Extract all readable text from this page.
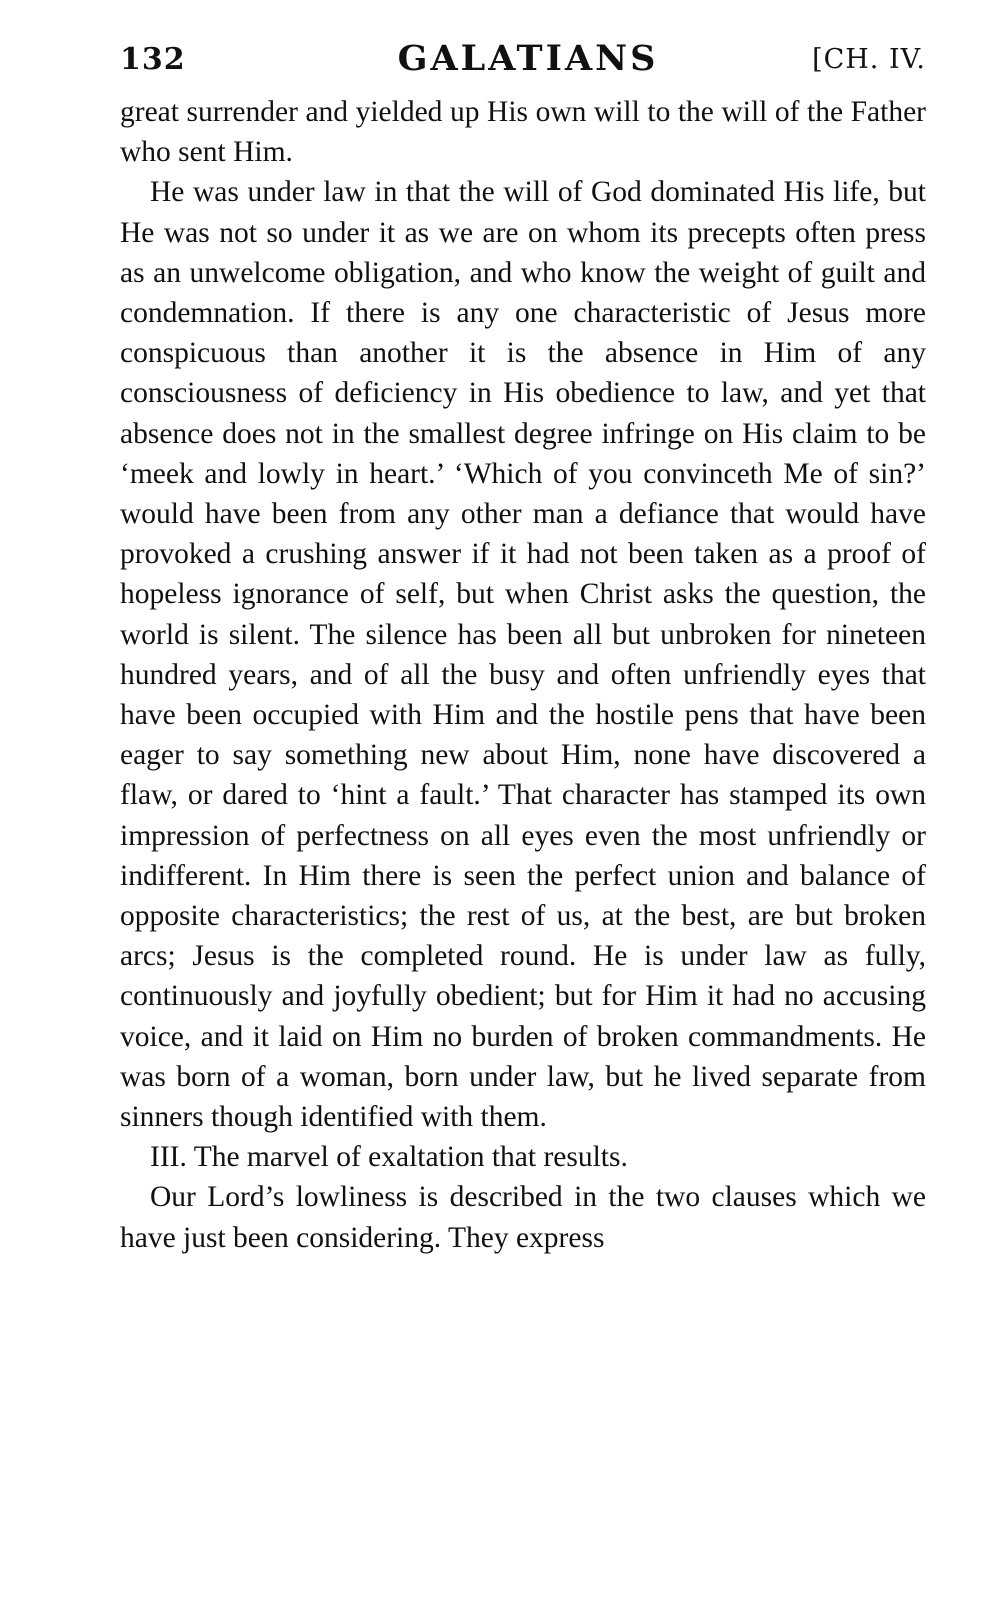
132	GALATIANS	[CH. IV.

great surrender and yielded up His own will to the will of the Father who sent Him.

He was under law in that the will of God dominated His life, but He was not so under it as we are on whom its precepts often press as an unwelcome obligation, and who know the weight of guilt and condemnation. If there is any one characteristic of Jesus more conspicuous than another it is the absence in Him of any consciousness of deficiency in His obedience to law, and yet that absence does not in the smallest degree infringe on His claim to be ‘meek and lowly in heart.’ ‘Which of you convinceth Me of sin?’ would have been from any other man a defiance that would have provoked a crushing answer if it had not been taken as a proof of hopeless ignorance of self, but when Christ asks the question, the world is silent. The silence has been all but unbroken for nineteen hundred years, and of all the busy and often unfriendly eyes that have been occupied with Him and the hostile pens that have been eager to say something new about Him, none have discovered a flaw, or dared to ‘hint a fault.’ That character has stamped its own impression of perfectness on all eyes even the most unfriendly or indifferent. In Him there is seen the perfect union and balance of opposite characteristics; the rest of us, at the best, are but broken arcs; Jesus is the completed round. He is under law as fully, continuously and joyfully obedient; but for Him it had no accusing voice, and it laid on Him no burden of broken commandments. He was born of a woman, born under law, but he lived separate from sinners though identified with them.

III. The marvel of exaltation that results.

Our Lord’s lowliness is described in the two clauses which we have just been considering. They express
